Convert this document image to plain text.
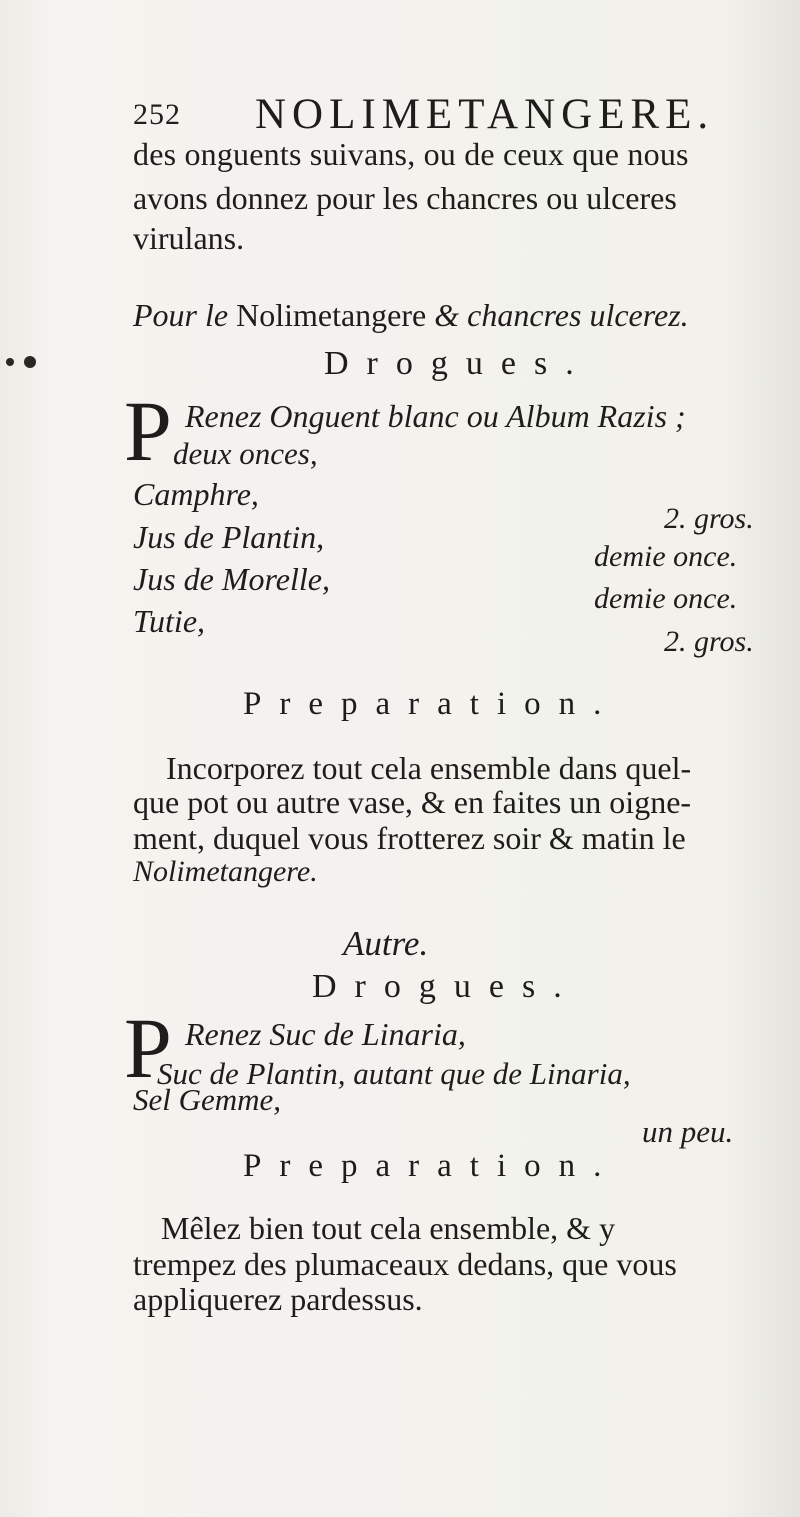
252 NOLIMETANGERE.
des onguents suivans, ou de ceux que nous
avons donnez pour les chancres ou ulceres
virulans.
Pour le Nolimetangere & chancres ulcerez.
Drogues.
P Renez Onguent blanc ou Album Razis ;
deux onces,
Camphre,
Jus de Plantin,
Jus de Morelle,
Tutie,
2. gros.
demie once.
demie once.
2. gros.
Preparation.
Incorporez tout cela ensemble dans quel-
que pot ou autre vase, & en faites un oigne-
ment, duquel vous frotterez soir & matin le
Nolimetangere.
Autre.
Drogues.
P Renez Suc de Linaria,
Suc de Plantin, autant que de Linaria,
Sel Gemme,
un peu.
Preparation.
Mêlez bien tout cela ensemble, & y
trempez des plumaceaux dedans, que vous
appliquerez pardessus.
